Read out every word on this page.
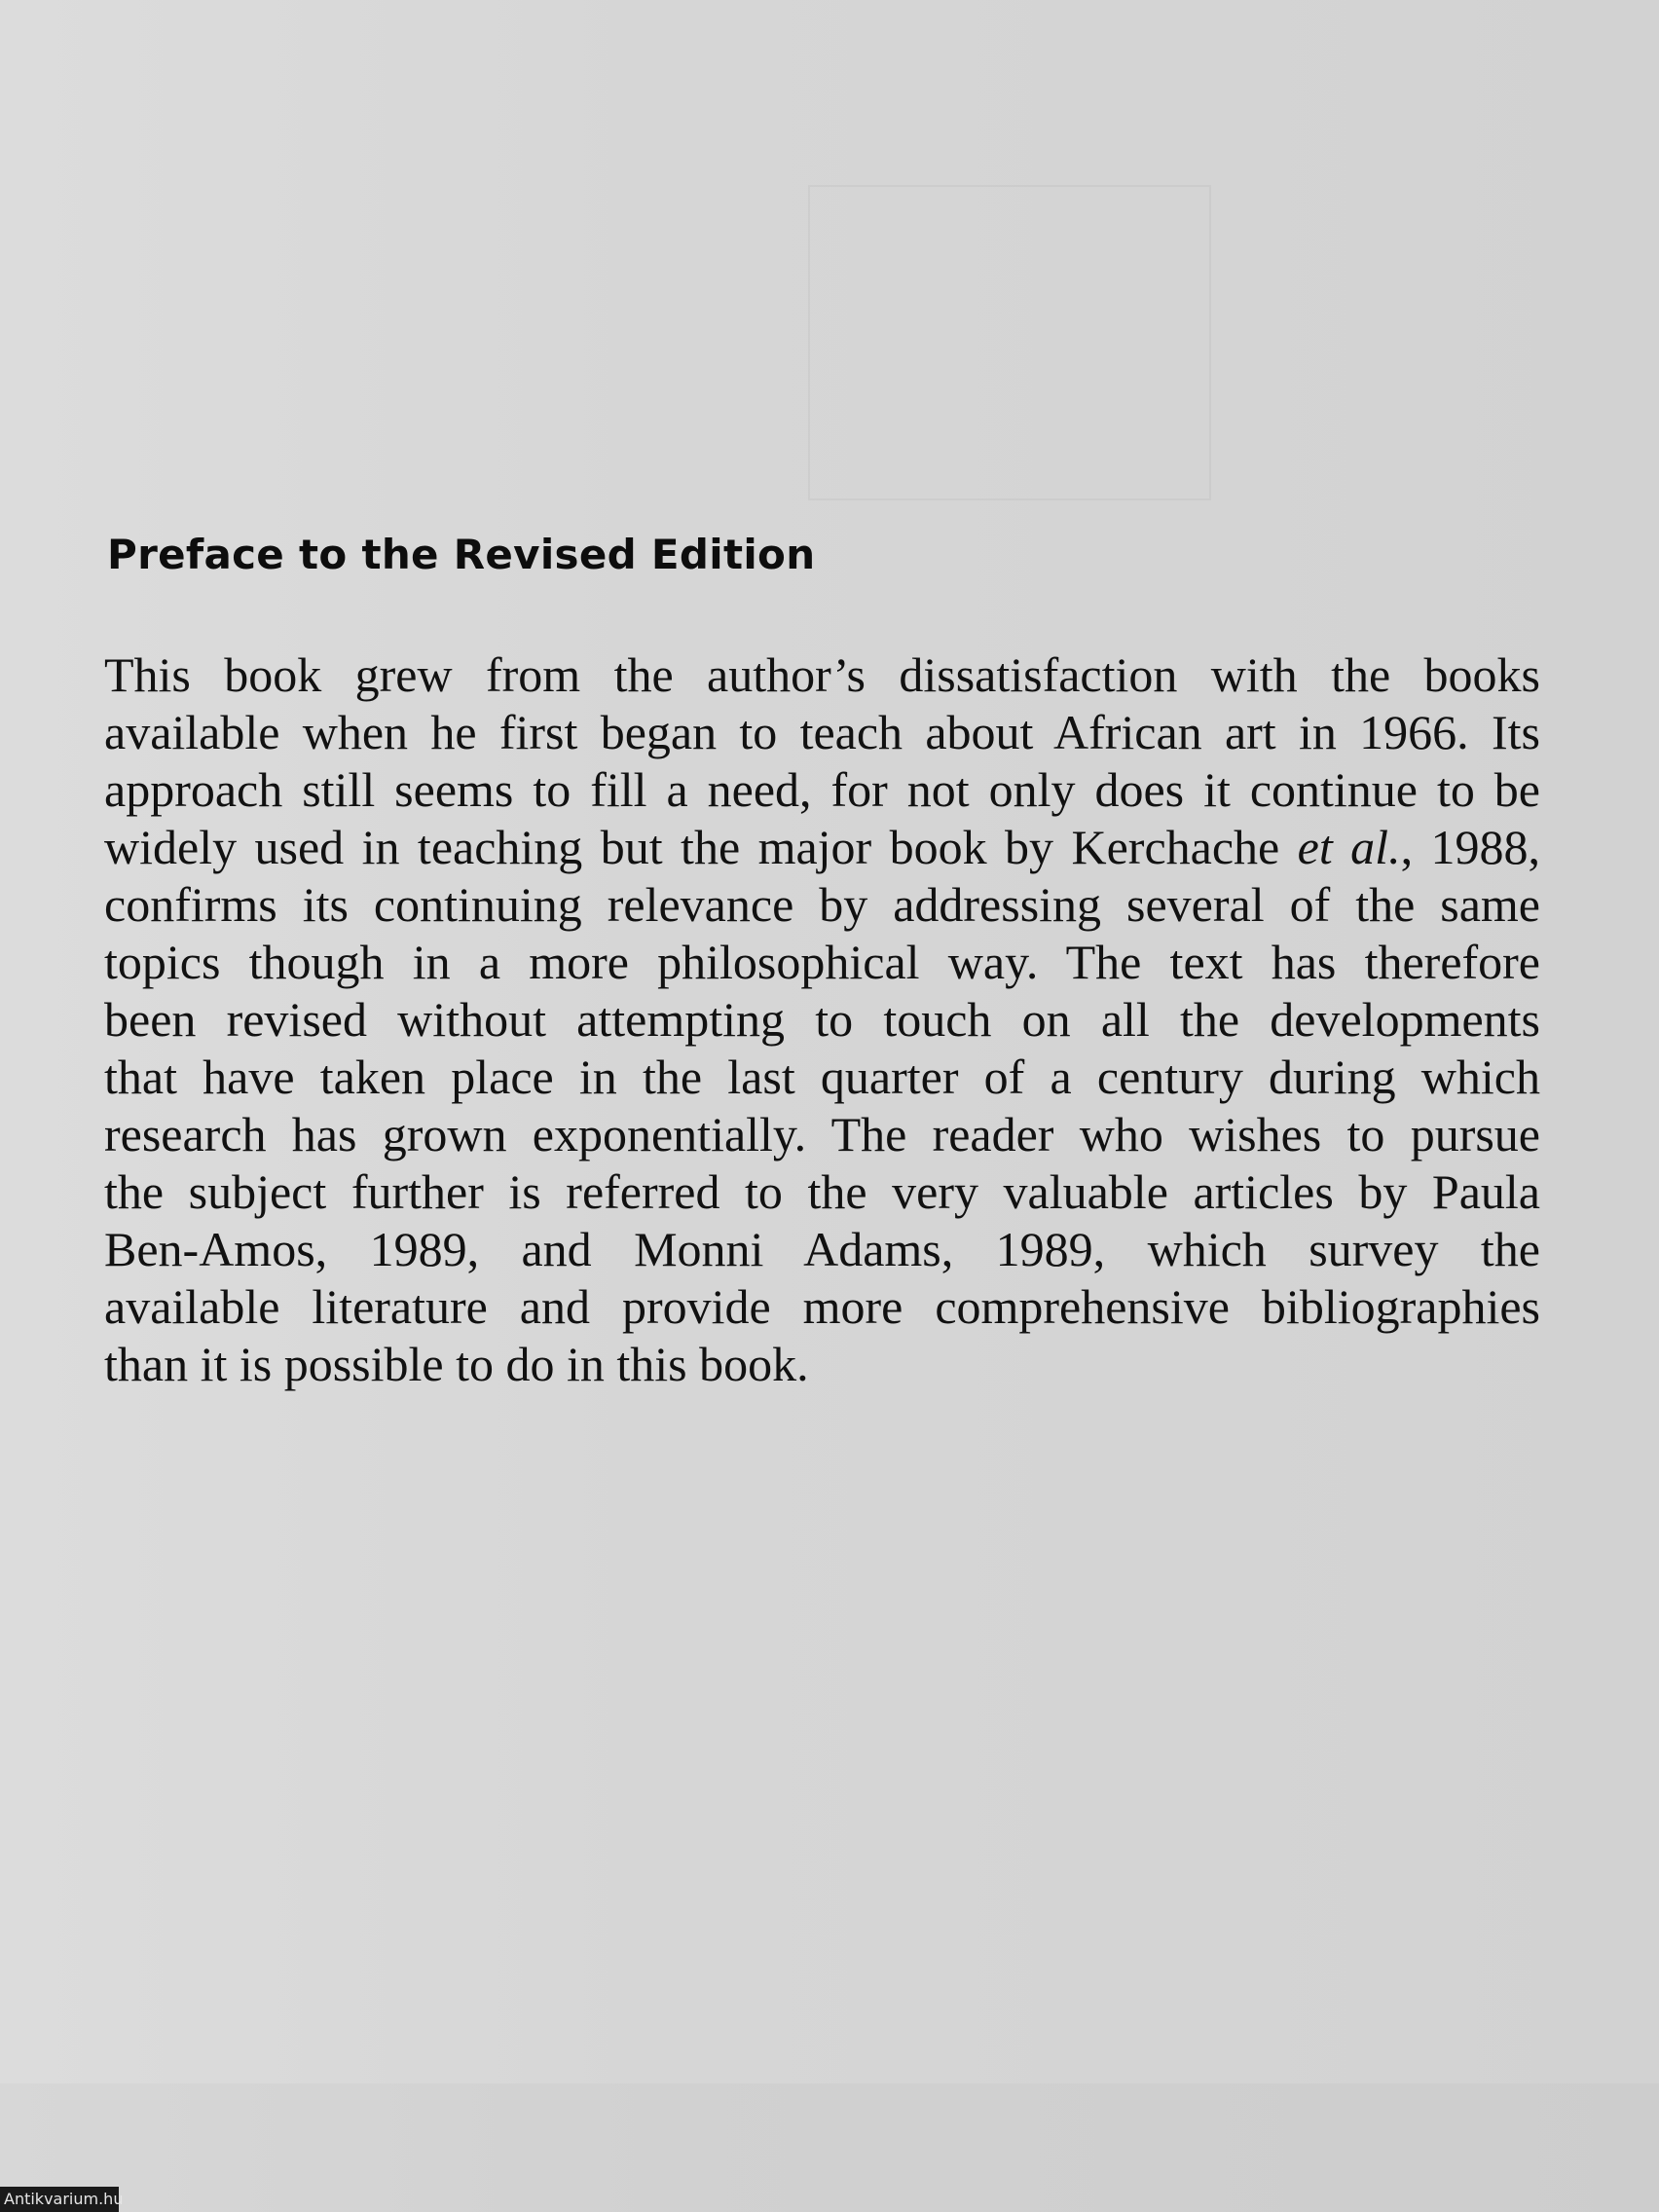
Preface to the Revised Edition
This book grew from the author’s dissatisfaction with the books
available when he first began to teach about African art in 1966. Its
approach still seems to fill a need, for not only does it continue to be
widely used in teaching but the major book by Kerchache et al., 1988,
confirms its continuing relevance by addressing several of the same
topics though in a more philosophical way. The text has therefore
been revised without attempting to touch on all the developments
that have taken place in the last quarter of a century during which
research has grown exponentially. The reader who wishes to pursue
the subject further is referred to the very valuable articles by Paula
Ben-Amos, 1989, and Monni Adams, 1989, which survey the
available literature and provide more comprehensive bibliographies
than it is possible to do in this book.
Antikvarium.hu
